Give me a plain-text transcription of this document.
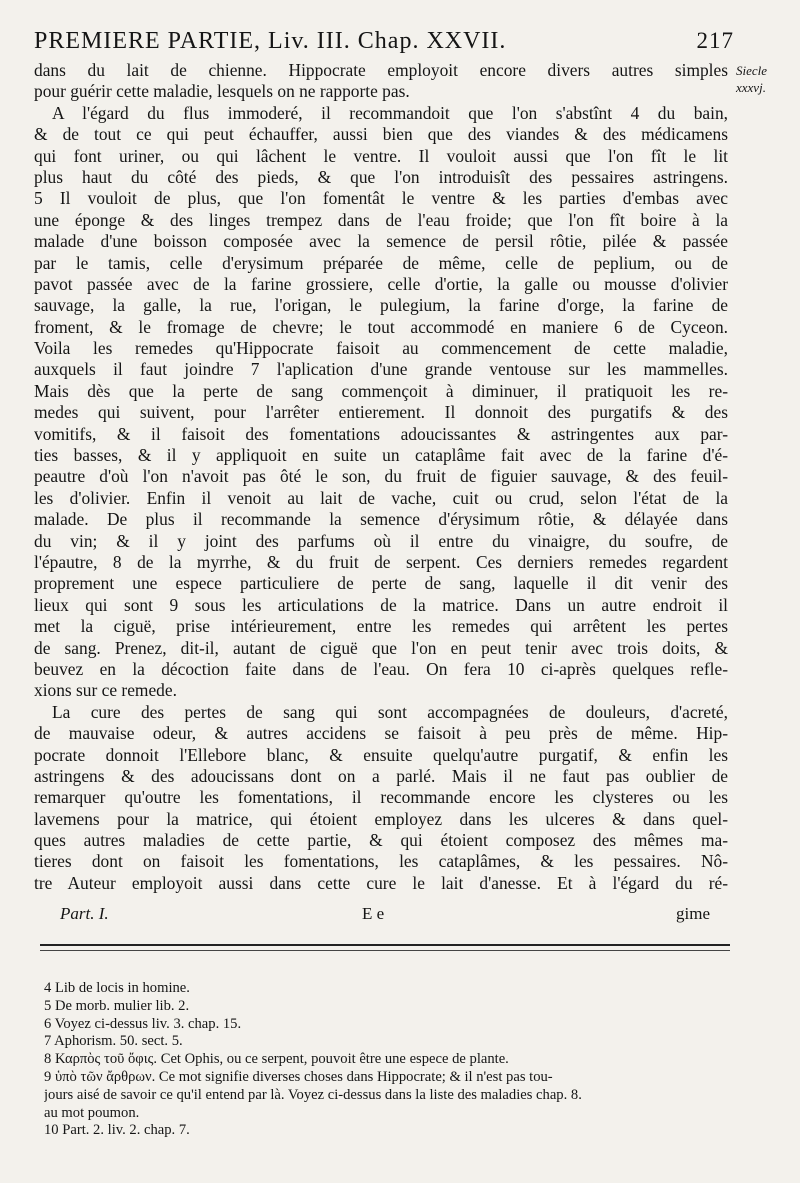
PREMIERE PARTIE, Liv. III. Chap. XXVII.	217
Siecle xxxvj.
dans du lait de chienne. Hippocrate employoit encore divers autres simples
pour guérir cette maladie, lesquels on ne rapporte pas.
A l'égard du flus immoderé, il recommandoit que l'on s'abstînt 4 du bain,
& de tout ce qui peut échauffer, aussi bien que des viandes & des médicamens
qui font uriner, ou qui lâchent le ventre. Il vouloit aussi que l'on fît le lit
plus haut du côté des pieds, & que l'on introduisît des pessaires astringens.
5 Il vouloit de plus, que l'on fomentât le ventre & les parties d'embas avec
une éponge & des linges trempez dans de l'eau froide; que l'on fît boire à la
malade d'une boisson composée avec la semence de persil rôtie, pilée & passée
par le tamis, celle d'erysimum préparée de même, celle de peplium, ou de
pavot passée avec de la farine grossiere, celle d'ortie, la galle ou mousse d'olivier
sauvage, la galle, la rue, l'origan, le pulegium, la farine d'orge, la farine de
froment, & le fromage de chevre; le tout accommodé en maniere 6 de Cyceon.
Voila les remedes qu'Hippocrate faisoit au commencement de cette maladie,
auxquels il faut joindre 7 l'aplication d'une grande ventouse sur les mammelles.
Mais dès que la perte de sang commençoit à diminuer, il pratiquoit les re-
medes qui suivent, pour l'arrêter entierement. Il donnoit des purgatifs & des
vomitifs, & il faisoit des fomentations adoucissantes & astringentes aux par-
ties basses, & il y appliquoit en suite un cataplâme fait avec de la farine d'é-
peautre d'où l'on n'avoit pas ôté le son, du fruit de figuier sauvage, & des feuil-
les d'olivier. Enfin il venoit au lait de vache, cuit ou crud, selon l'état de la
malade. De plus il recommande la semence d'érysimum rôtie, & délayée dans
du vin; & il y joint des parfums où il entre du vinaigre, du soufre, de
l'épautre, 8 de la myrrhe, & du fruit de serpent. Ces derniers remedes regardent
proprement une espece particuliere de perte de sang, laquelle il dit venir des
lieux qui sont 9 sous les articulations de la matrice. Dans un autre endroit il
met la ciguë, prise intérieurement, entre les remedes qui arrêtent les pertes
de sang. Prenez, dit-il, autant de ciguë que l'on en peut tenir avec trois doits, &
beuvez en la décoction faite dans de l'eau. On fera 10 ci-après quelques refle-
xions sur ce remede.
La cure des pertes de sang qui sont accompagnées de douleurs, d'acreté,
de mauvaise odeur, & autres accidens se faisoit à peu près de même. Hip-
pocrate donnoit l'Ellebore blanc, & ensuite quelqu'autre purgatif, & enfin les
astringens & des adoucissans dont on a parlé. Mais il ne faut pas oublier de
remarquer qu'outre les fomentations, il recommande encore les clysteres ou les
lavemens pour la matrice, qui étoient employez dans les ulceres & dans quel-
ques autres maladies de cette partie, & qui étoient composez des mêmes ma-
tieres dont on faisoit les fomentations, les cataplâmes, & les pessaires. Nô-
tre Auteur employoit aussi dans cette cure le lait d'anesse. Et à l'égard du ré-
Part. I.	E e	gime
4 Lib de locis in homine.
5 De morb. mulier lib. 2.
6 Voyez ci-dessus liv. 3. chap. 15.
7 Aphorism. 50. sect. 5.
8 Καρπὸς τοῦ ὄφις. Cet Ophis, ou ce serpent, pouvoit être une espece de plante.
9 ὑπὸ τῶν ἄρθρων. Ce mot signifie diverses choses dans Hippocrate; & il n'est pas tou-
jours aisé de savoir ce qu'il entend par là. Voyez ci-dessus dans la liste des maladies chap. 8.
au mot poumon.
10 Part. 2. liv. 2. chap. 7.
